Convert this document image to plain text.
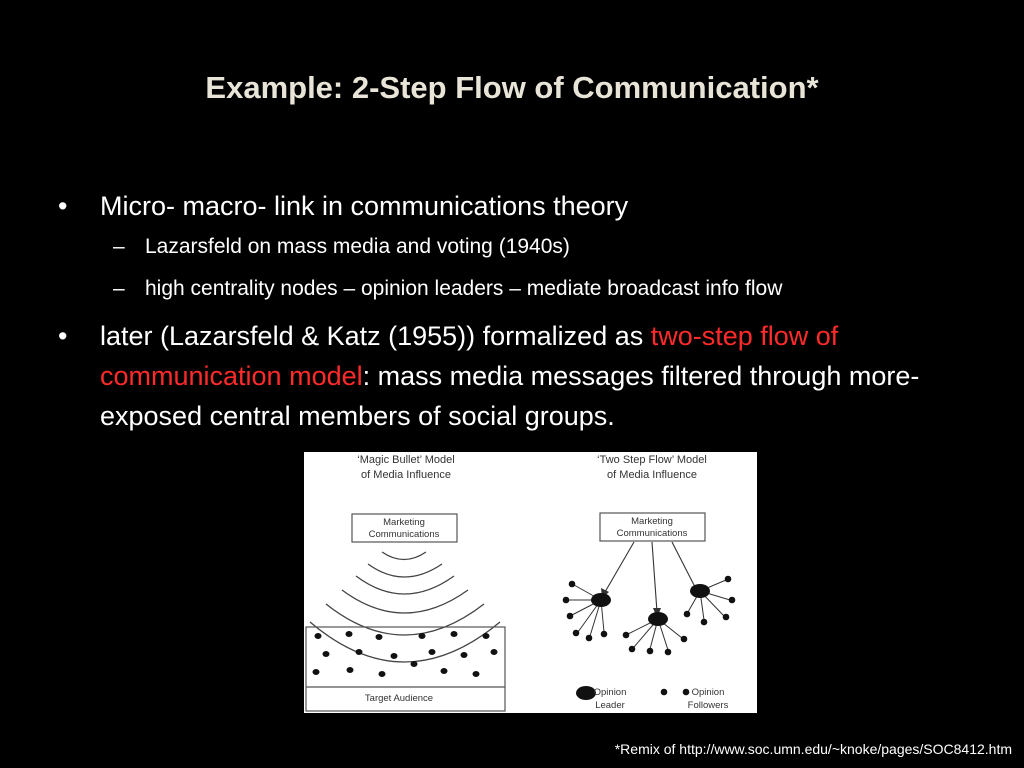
Example: 2-Step Flow of Communication*

• Micro- macro- link in communications theory

– Lazarsfeld on mass media and voting (1940s)

– high centrality nodes – opinion leaders – mediate broadcast info flow

• later (Lazarsfeld & Katz (1955)) formalized as two-step flow of communication model: mass media messages filtered through more-exposed central members of social groups.

‘Magic Bullet’ Model
of Media Influence
Marketing
Communications
Target Audience
‘Two Step Flow’ Model
of Media Influence
Marketing
Communications
Opinion
Leader
Opinion
Followers
*Remix of http://www.soc.umn.edu/~knoke/pages/SOC8412.htm
